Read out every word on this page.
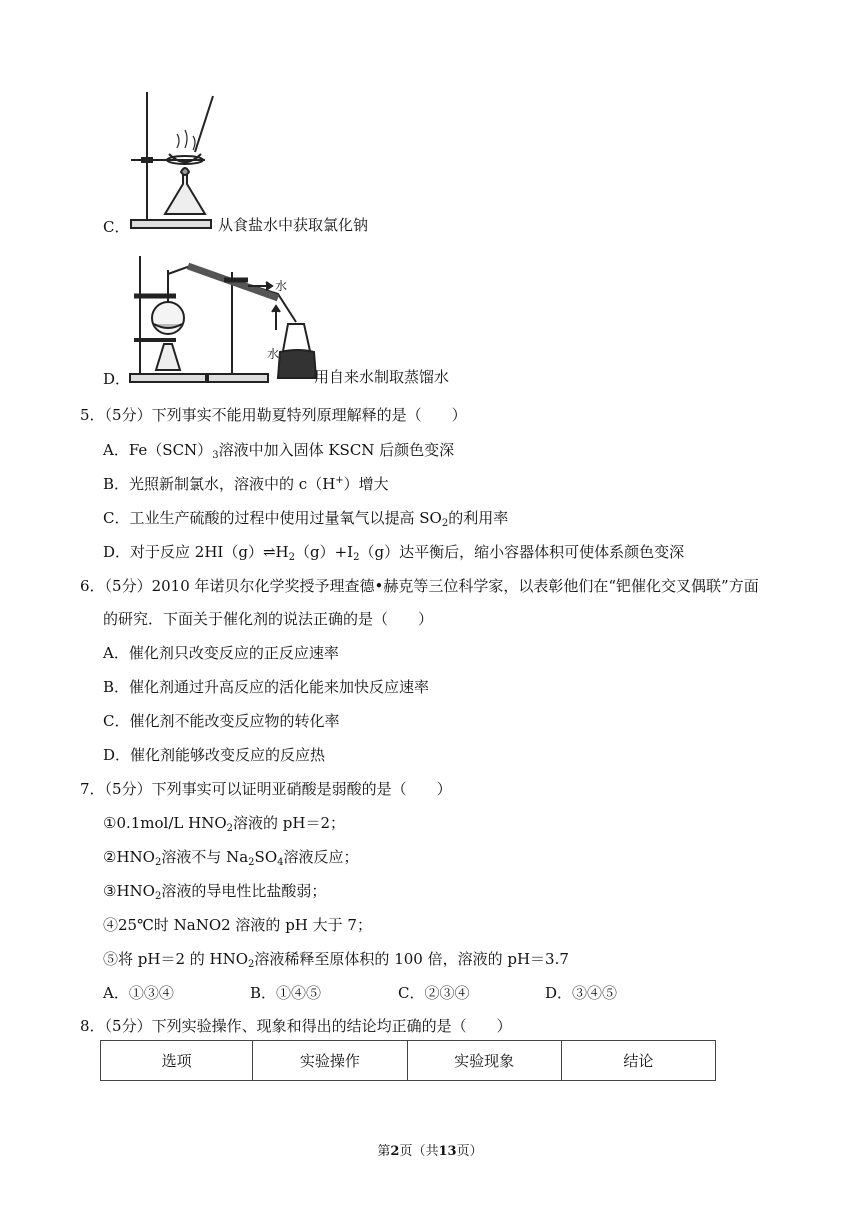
C．	从食盐水中获取氯化钠
水
水
D．	用自来水制取蒸馏水
5．（5分）下列事实不能用勒夏特列原理解释的是（　　）
A．$Fe(SCN)_3$溶液中加入固体 KSCN 后颜色变深
B．光照新制氯水，溶液中的 c（H+）增大
C．工业生产硫酸的过程中使用过量氧气以提高 $SO_2$的利用率
D．对于反应 $2HI(g)\rightleftharpoons H_2(g)+I_2(g)$达平衡后，缩小容器体积可使体系颜色变深
6．（5分）2010 年诺贝尔化学奖授予理查德•赫克等三位科学家，以表彰他们在“钯催化交叉偶联”方面
的研究．下面关于催化剂的说法正确的是（　　）
A．催化剂只改变反应的正反应速率
B．催化剂通过升高反应的活化能来加快反应速率
C．催化剂不能改变反应物的转化率
D．催化剂能够改变反应的反应热
7．（5分）下列事实可以证明亚硝酸是弱酸的是（　　）
①0.1mol/L $HNO_2$溶液的 pH＝2；
$②HNO_2$溶液不与 $Na_2SO_4$溶液反应；
$③HNO_2$溶液的导电性比盐酸弱；
④25℃时 NaNO2 溶液的 pH 大于 7；
⑤将 pH＝2 的 $HNO_2$溶液稀释至原体积的 100 倍，溶液的 pH＝3.7
A．①③④	B．①④⑤	C．②③④	D．③④⑤
8．（5分）下列实验操作、现象和得出的结论均正确的是（　　）
选项	实验操作	实验现象	结论
第2页（共13页）
